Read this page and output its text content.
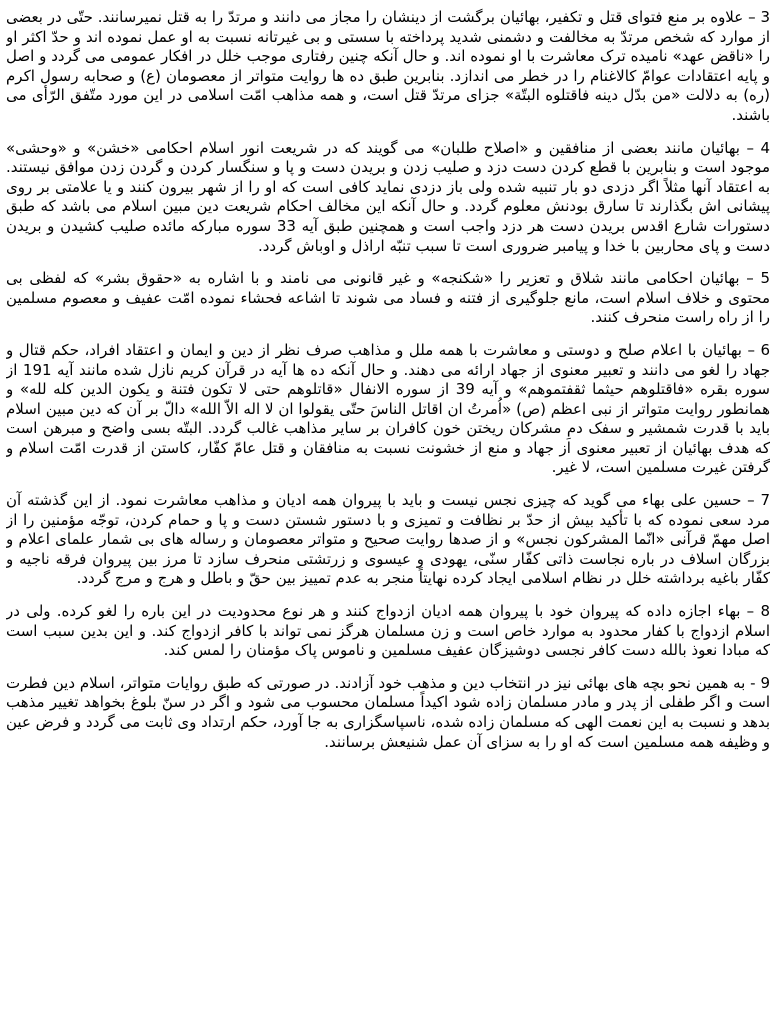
3 – علاوه بر منع فتوای قتل و تکفیر، بهائیان برگشت از دینشان را مجاز می دانند و مرتدّ را به قتل نمیرسانند. حتّی در بعضی از موارد که شخص مرتدّ به مخالفت و دشمنی شدید پرداخته با سستی و بی غیرتانه نسبت به او عمل نموده اند و حدّ اکثر او را «ناقض عهد» نامیده ترک معاشرت با او نموده اند. و حال آنکه چنین رفتاری موجب خلل در افکار عمومی می گردد و اصل و پایه اعتقادات عوامّ کالاغنام را در خطر می اندازد. بنابرین طبق ده ها روایت متواتر از معصومان (ع) و صحابه رسول اکرم (ره) به دلالت «من بدّل دینه فاقتلوه البتّة» جزای مرتدّ قتل است، و همه مذاهب امّت اسلامی در این مورد متّفق الرّأی می باشند.

4 – بهائیان مانند بعضی از منافقین و «اصلاح طلبان» می گویند که در شریعت انور اسلام احکامی «خشن» و «وحشی» موجود است و بنابرین با قطع کردن دست دزد و صلیب زدن و بریدن دست و پا و سنگسار کردن و گردن زدن موافق نیستند. به اعتقاد آنها مثلاً اگر دزدی دو بار تنبیه شده ولی باز دزدی نماید کافی است که او را از شهر بیرون کنند و یا علامتی بر روی پیشانی اش بگذارند تا سارق بودنش معلوم گردد. و حال آنکه این مخالف احکام شریعت دین مبین اسلام می باشد که طبق دستورات شارع اقدس بریدن دست هر دزد واجب است و همچنین طبق آیه 33 سوره مبارکه مائده صلیب کشیدن و بریدن دست و پای محاربین با خدا و پیامبر ضروری است تا سبب تنبّه اراذل و اوباش گردد.

5 – بهائیان احکامی مانند شلاق و تعزیر را «شکنجه» و غیر قانونی می نامند و با اشاره به «حقوق بشر» که لفظی بی محتوی و خلاف اسلام است، مانع جلوگیری از فتنه و فساد می شوند تا اشاعه فحشاء نموده امّت عفیف و معصوم مسلمین را از راه راست منحرف کنند.

6 – بهائیان با اعلام صلح و دوستی و معاشرت با همه ملل و مذاهب صرف نظر از دین و ایمان و اعتقاد افراد، حکم قتال و جهاد را لغو می دانند و تعبیر معنوی از جهاد ارائه می دهند. و حال آنکه ده ها آیه در قرآن کریم نازل شده مانند آیه 191 از سوره بقره «فاقتلوهم حیثما ثقفتموهم» و آیه 39 از سوره الانفال «قاتلوهم حتی لا تکون فتنة و یکون الدین کله لله» و همانطور روایت متواتر از نبی اعظم (ص) «اُمرتُ ان اقاتل الناسَ حتّی یقولوا ان لا اله الاّ الله» دالّ بر آن که دین مبین اسلام باید با قدرت شمشیر و سفک دمِ مشرکان ریختن خون کافران بر سایر مذاهب غالب گردد. البتّه بسی واضح و مبرهن است که هدف بهائیان از تعبیر معنوی از جهاد و منع از خشونت نسبت به منافقان و قتل عامّ کفّار، کاستن از قدرت امّت اسلام و گرفتن غیرت مسلمین است، لا غیر.

7 – حسین علی بهاء می گوید که چیزی نجس نیست و باید با پیروان همه ادیان و مذاهب معاشرت نمود. از این گذشته آن مرد سعی نموده که با تأکید بیش از حدّ بر نظافت و تمیزی و با دستور شستن دست و پا و حمام کردن، توجّه مؤمنین را از اصل مهمّ قرآنی «انّما المشرکون نجس» و از صدها روایت صحیح و متواتر معصومان و رساله های بی شمار علمای اعلام و بزرگان اسلاف در باره نجاست ذاتی کفّار سنّی، یهودی و عیسوی و زرتشتی منحرف سازد تا مرز بین پیروان فرقه ناجیه و کفّار باغیه برداشته خلل در نظام اسلامی ایجاد کرده نهایتاً منجر به عدم تمییز بین حقّ و باطل و هرج و مرج گردد.

8 – بهاء اجازه داده که پیروان خود با پیروان همه ادیان ازدواج کنند و هر نوع محدودیت در این باره را لغو کرده. ولی در اسلام ازدواج با کفار محدود به موارد خاص است و زن مسلمان هرگز نمی تواند با کافر ازدواج کند. و این بدین سبب است که مبادا نعوذ بالله دست کافر نجسی دوشیزگان عفیف مسلمین و ناموس پاک مؤمنان را لمس کند.

9 - به همین نحو بچه های بهائی نیز در انتخاب دین و مذهب خود آزادند. در صورتی که طبق روایات متواتر، اسلام دین فطرت است و اگر طفلی از پدر و مادر مسلمان زاده شود اکیداً مسلمان محسوب می شود و اگر در سنّ بلوغ بخواهد تغییر مذهب بدهد و نسبت به این نعمت الهی که مسلمان زاده شده، ناسپاسگزاری به جا آورد، حکم ارتداد وی ثابت می گردد و فرض عین و وظیفه همه مسلمین است که او را به سزای آن عمل شنیعش برسانند.
